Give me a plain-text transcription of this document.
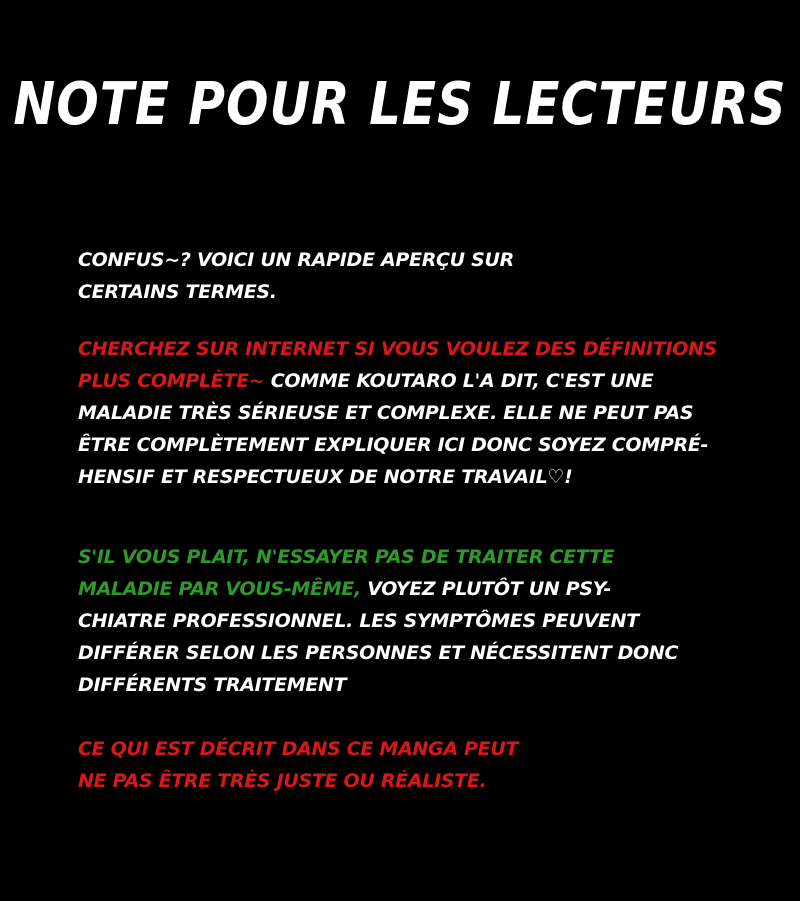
NOTE POUR LES LECTEURS
CONFUS~? VOICI UN RAPIDE APERÇU SUR
CERTAINS TERMES.
CHERCHEZ SUR INTERNET SI VOUS VOULEZ DES DÉFINITIONS
PLUS COMPLÈTE~ COMME KOUTARO L'A DIT, C'EST UNE
MALADIE TRÈS SÉRIEUSE ET COMPLEXE. ELLE NE PEUT PAS
ÊTRE COMPLÈTEMENT EXPLIQUER ICI DONC SOYEZ COMPRÉ-
HENSIF ET RESPECTUEUX DE NOTRE TRAVAIL♡!
S'IL VOUS PLAIT, N'ESSAYER PAS DE TRAITER CETTE
MALADIE PAR VOUS-MÊME, VOYEZ PLUTÔT UN PSY-
CHIATRE PROFESSIONNEL. LES SYMPTÔMES PEUVENT
DIFFÉRER SELON LES PERSONNES ET NÉCESSITENT DONC
DIFFÉRENTS TRAITEMENT
CE QUI EST DÉCRIT DANS CE MANGA PEUT
NE PAS ÊTRE TRÈS JUSTE OU RÉALISTE.
